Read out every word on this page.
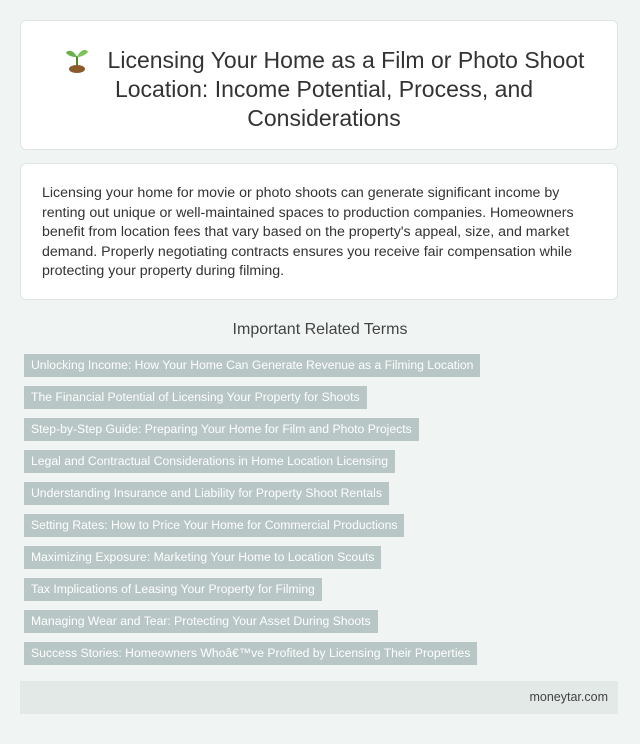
Licensing Your Home as a Film or Photo Shoot Location: Income Potential, Process, and Considerations
Licensing your home for movie or photo shoots can generate significant income by renting out unique or well-maintained spaces to production companies. Homeowners benefit from location fees that vary based on the property's appeal, size, and market demand. Properly negotiating contracts ensures you receive fair compensation while protecting your property during filming.
Important Related Terms
Unlocking Income: How Your Home Can Generate Revenue as a Filming Location
The Financial Potential of Licensing Your Property for Shoots
Step-by-Step Guide: Preparing Your Home for Film and Photo Projects
Legal and Contractual Considerations in Home Location Licensing
Understanding Insurance and Liability for Property Shoot Rentals
Setting Rates: How to Price Your Home for Commercial Productions
Maximizing Exposure: Marketing Your Home to Location Scouts
Tax Implications of Leasing Your Property for Filming
Managing Wear and Tear: Protecting Your Asset During Shoots
Success Stories: Homeowners Whoâ€™ve Profited by Licensing Their Properties
moneytar.com
